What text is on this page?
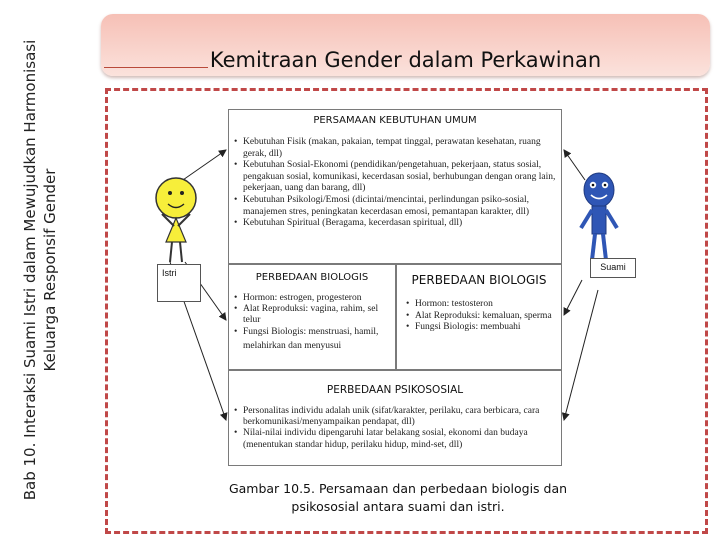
Bab 10. Interaksi Suami Istri dalam Mewujudkan Harmonisasi Keluarga Responsif Gender
Kemitraan Gender dalam Perkawinan
Istri
Suami
PERSAMAAN KEBUTUHAN UMUM
• Kebutuhan Fisik (makan, pakaian, tempat tinggal, perawatan kesehatan, ruang gerak, dll)
• Kebutuhan Sosial-Ekonomi (pendidikan/pengetahuan, pekerjaan, status sosial, pengakuan sosial, komunikasi, kecerdasan sosial, berhubungan dengan orang lain, pekerjaan, uang dan barang, dll)
• Kebutuhan Psikologi/Emosi (dicintai/mencintai, perlindungan psiko-sosial, manajemen stres, peningkatan kecerdasan emosi, pemantapan karakter, dll)
• Kebutuhan Spiritual (Beragama, kecerdasan spiritual, dll)
PERBEDAAN BIOLOGIS
• Hormon: estrogen, progesteron
• Alat Reproduksi: vagina, rahim, sel telur
• Fungsi Biologis: menstruasi, hamil, melahirkan dan menyusui
PERBEDAAN BIOLOGIS
• Hormon: testosteron
• Alat Reproduksi: kemaluan, sperma
• Fungsi Biologis: membuahi
PERBEDAAN PSIKOSOSIAL
• Personalitas individu adalah unik (sifat/karakter, perilaku, cara berbicara, cara berkomunikasi/menyampaikan pendapat, dll)
• Nilai-nilai individu dipengaruhi latar belakang sosial, ekonomi dan budaya (menentukan standar hidup, perilaku hidup, mind-set, dll)
Gambar 10.5. Persamaan dan perbedaan biologis dan
psikososial antara suami dan istri.
